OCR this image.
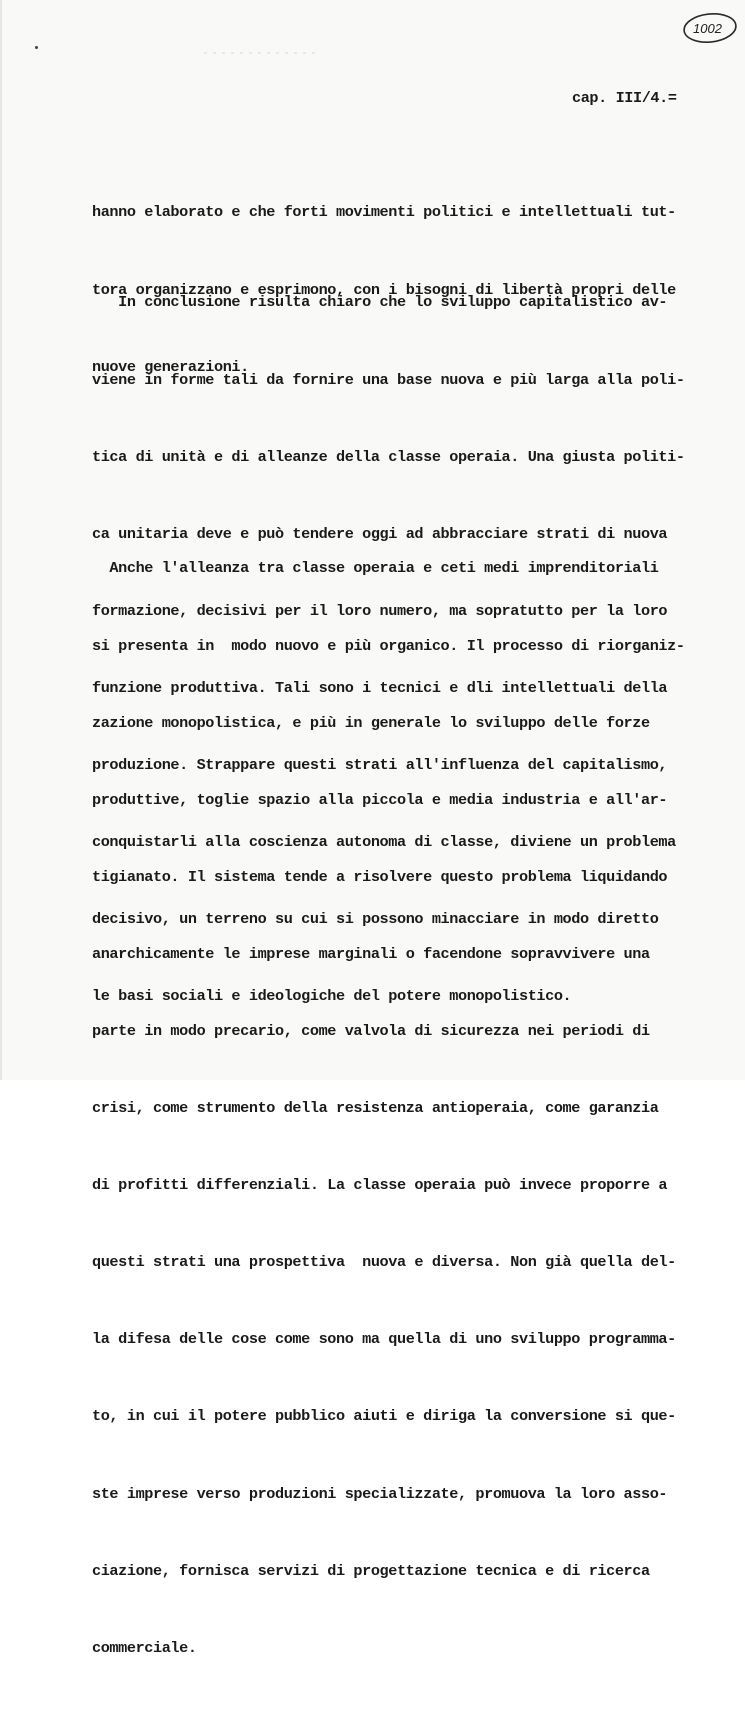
1002
cap. III/4.=

hanno elaborato e che forti movimenti politici e intellettuali tut-

tora organizzano e esprimono, con i bisogni di libertà propri delle

nuove generazioni.

In conclusione risulta chiaro che lo sviluppo capitalistico av-

viene in forme tali da fornire una base nuova e più larga alla poli-

tica di unità e di alleanze della classe operaia. Una giusta politi-

ca unitaria deve e può tendere oggi ad abbracciare strati di nuova

formazione, decisivi per il loro numero, ma sopratutto per la loro

funzione produttiva. Tali sono i tecnici e dli intellettuali della

produzione. Strappare questi strati all'influenza del capitalismo,

conquistarli alla coscienza autonoma di classe, diviene un problema

decisivo, un terreno su cui si possono minacciare in modo diretto

le basi sociali e ideologiche del potere monopolistico.

Anche l'alleanza tra classe operaia e ceti medi imprenditoriali

si presenta in  modo nuovo e più organico. Il processo di riorganiz-

zazione monopolistica, e più in generale lo sviluppo delle forze

produttive, toglie spazio alla piccola e media industria e all'ar-

tigianato. Il sistema tende a risolvere questo problema liquidando

anarchicamente le imprese marginali o facendone sopravvivere una

parte in modo precario, come valvola di sicurezza nei periodi di

crisi, come strumento della resistenza antioperaia, come garanzia

di profitti differenziali. La classe operaia può invece proporre a

questi strati una prospettiva  nuova e diversa. Non già quella del-

la difesa delle cose come sono ma quella di uno sviluppo programma-

to, in cui il potere pubblico aiuti e diriga la conversione si que-

ste imprese verso produzioni specializzate, promuova la loro asso-

ciazione, fornisca servizi di progettazione tecnica e di ricerca

commerciale.
